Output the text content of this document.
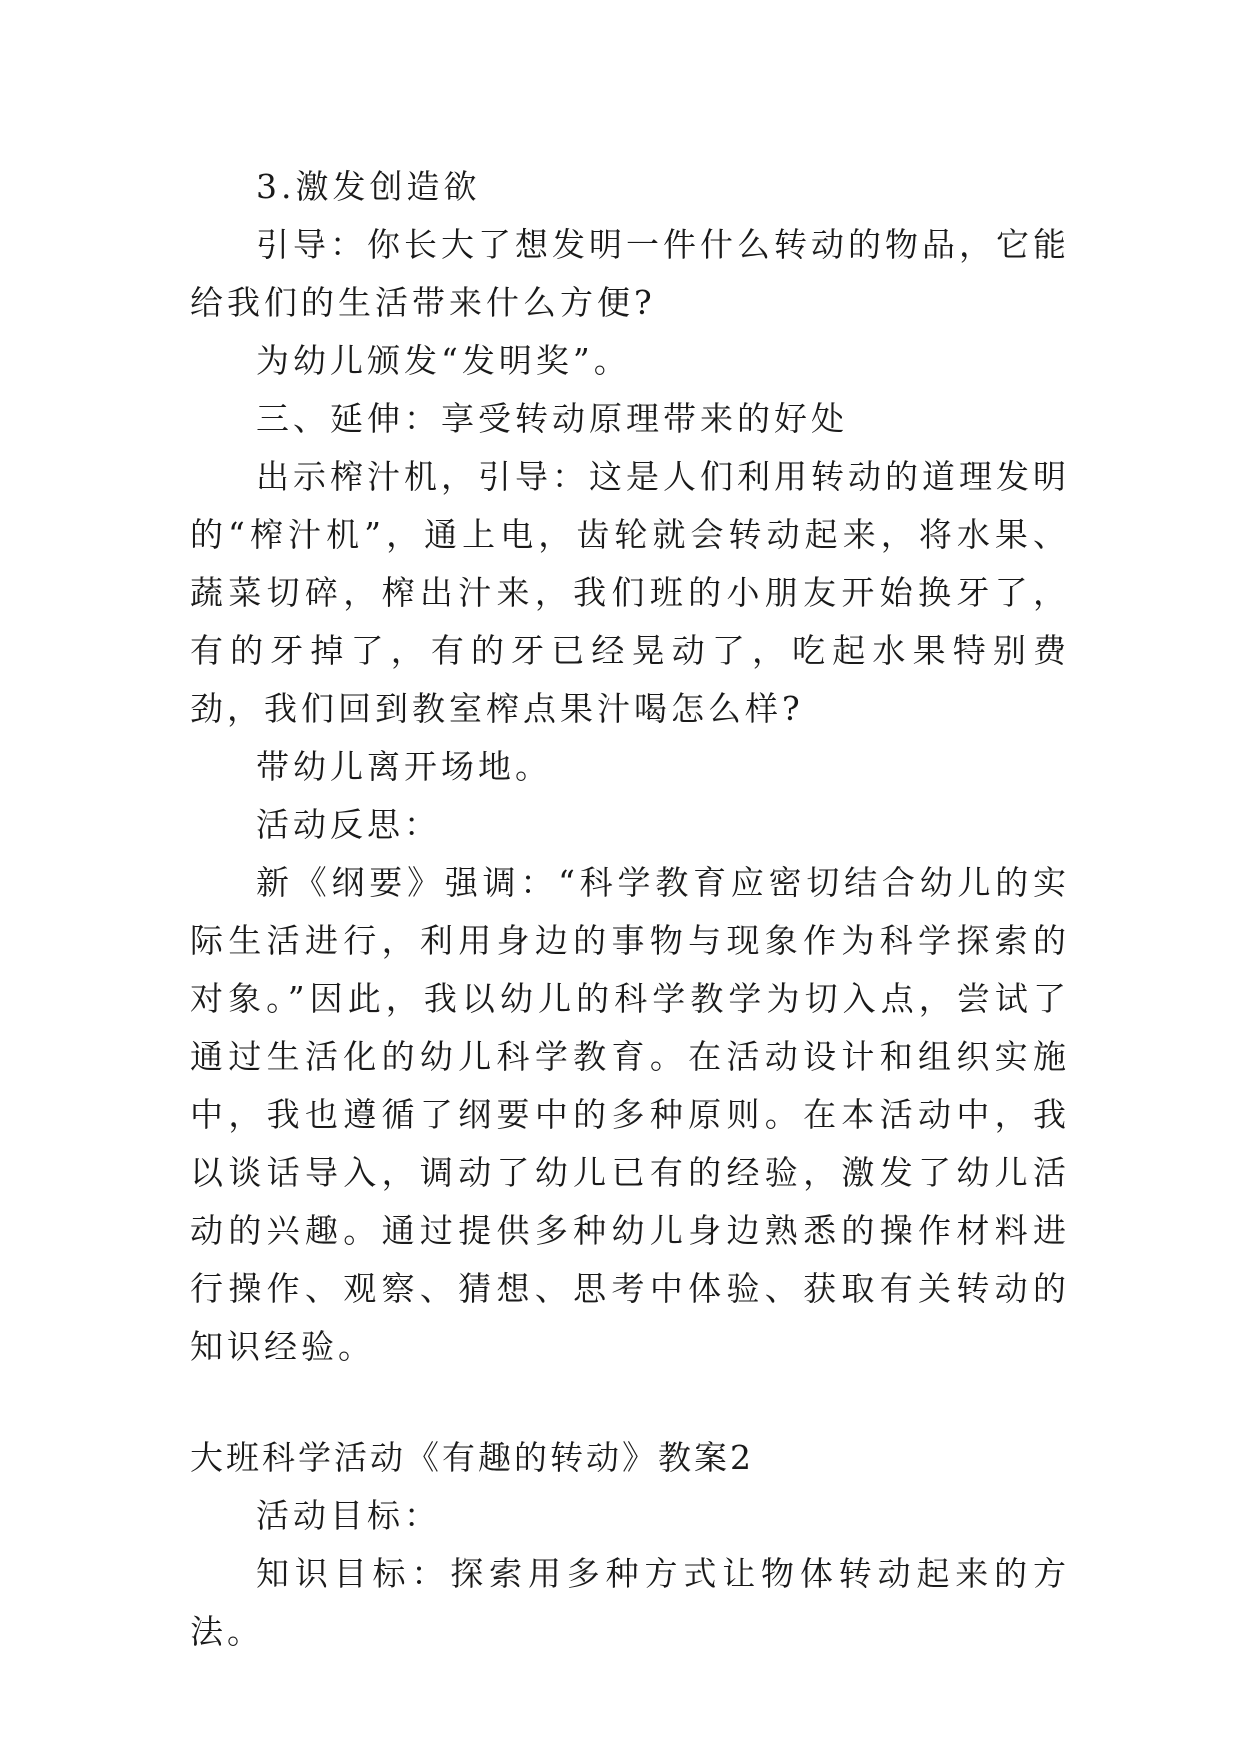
3.激发创造欲

引导：你长大了想发明一件什么转动的物品，它能给我们的生活带来什么方便?

为幼儿颁发“发明奖”。

三、延伸：享受转动原理带来的好处

出示榨汁机，引导：这是人们利用转动的道理发明的“榨汁机”，通上电，齿轮就会转动起来，将水果、蔬菜切碎，榨出汁来，我们班的小朋友开始换牙了，有的牙掉了，有的牙已经晃动了，吃起水果特别费劲，我们回到教室榨点果汁喝怎么样?

带幼儿离开场地。

活动反思：

新《纲要》强调：“科学教育应密切结合幼儿的实际生活进行，利用身边的事物与现象作为科学探索的对象。”因此，我以幼儿的科学教学为切入点，尝试了通过生活化的幼儿科学教育。在活动设计和组织实施中，我也遵循了纲要中的多种原则。在本活动中，我以谈话导入，调动了幼儿已有的经验，激发了幼儿活动的兴趣。通过提供多种幼儿身边熟悉的操作材料进行操作、观察、猜想、思考中体验、获取有关转动的知识经验。

大班科学活动《有趣的转动》教案2

活动目标：

知识目标：探索用多种方式让物体转动起来的方法。
